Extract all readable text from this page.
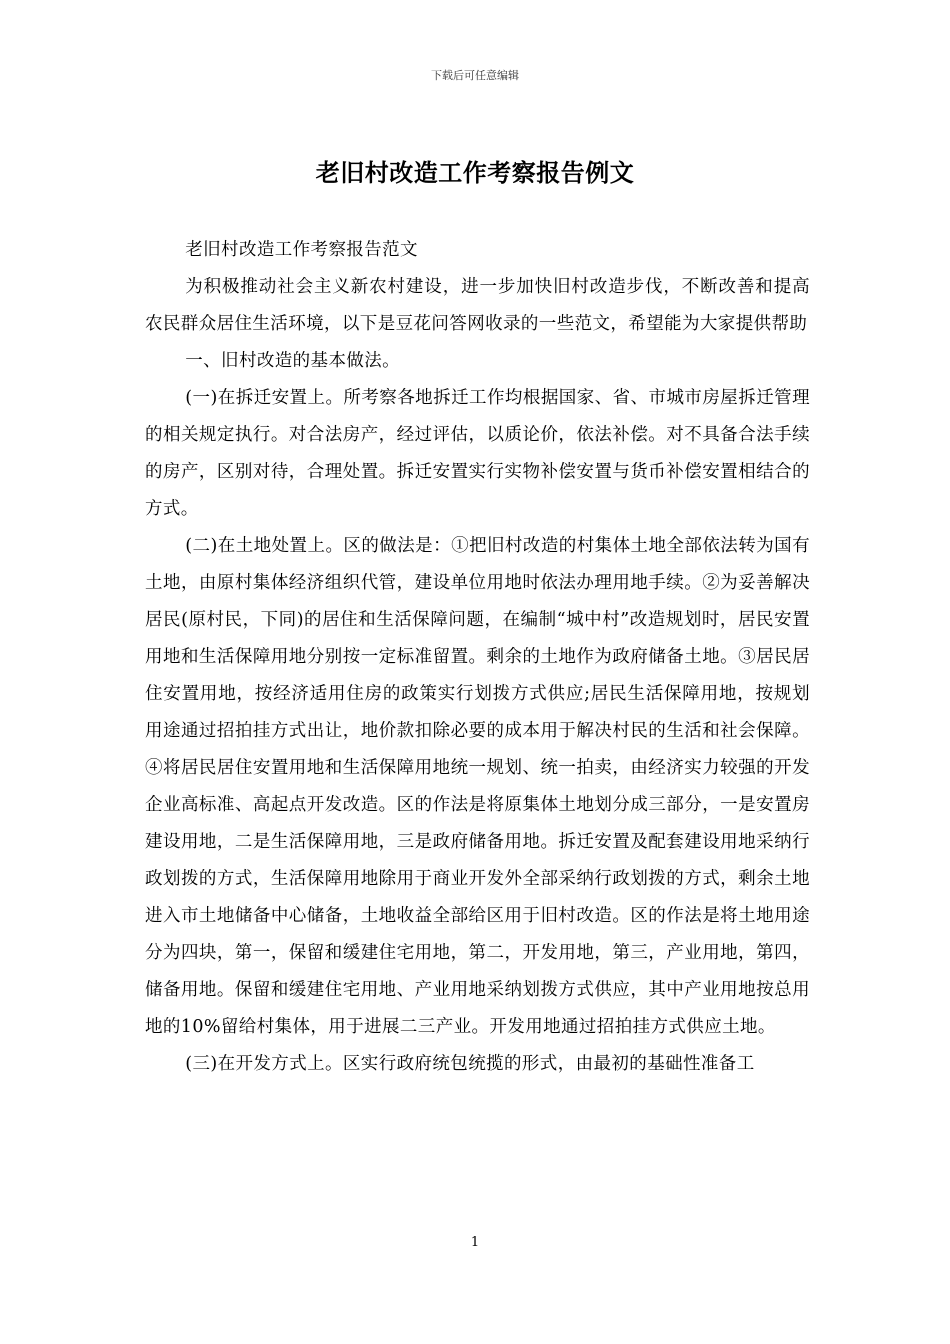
下载后可任意编辑
老旧村改造工作考察报告例文

老旧村改造工作考察报告范文

为积极推动社会主义新农村建设，进一步加快旧村改造步伐，不断改善和提高农民群众居住生活环境，以下是豆花问答网收录的一些范文，希望能为大家提供帮助

一、旧村改造的基本做法。

(一)在拆迁安置上。所考察各地拆迁工作均根据国家、省、市城市房屋拆迁管理的相关规定执行。对合法房产，经过评估，以质论价，依法补偿。对不具备合法手续的房产，区别对待，合理处置。拆迁安置实行实物补偿安置与货币补偿安置相结合的方式。

(二)在土地处置上。区的做法是：①把旧村改造的村集体土地全部依法转为国有土地，由原村集体经济组织代管，建设单位用地时依法办理用地手续。②为妥善解决居民(原村民，下同)的居住和生活保障问题，在编制“城中村”改造规划时，居民安置用地和生活保障用地分别按一定标准留置。剩余的土地作为政府储备土地。③居民居住安置用地，按经济适用住房的政策实行划拨方式供应;居民生活保障用地，按规划用途通过招拍挂方式出让，地价款扣除必要的成本用于解决村民的生活和社会保障。④将居民居住安置用地和生活保障用地统一规划、统一拍卖，由经济实力较强的开发企业高标准、高起点开发改造。区的作法是将原集体土地划分成三部分，一是安置房建设用地，二是生活保障用地，三是政府储备用地。拆迁安置及配套建设用地采纳行政划拨的方式，生活保障用地除用于商业开发外全部采纳行政划拨的方式，剩余土地进入市土地储备中心储备，土地收益全部给区用于旧村改造。区的作法是将土地用途分为四块，第一，保留和缓建住宅用地，第二，开发用地，第三，产业用地，第四，储备用地。保留和缓建住宅用地、产业用地采纳划拨方式供应，其中产业用地按总用地的10%留给村集体，用于进展二三产业。开发用地通过招拍挂方式供应土地。

(三)在开发方式上。区实行政府统包统揽的形式，由最初的基础性准备工

1
